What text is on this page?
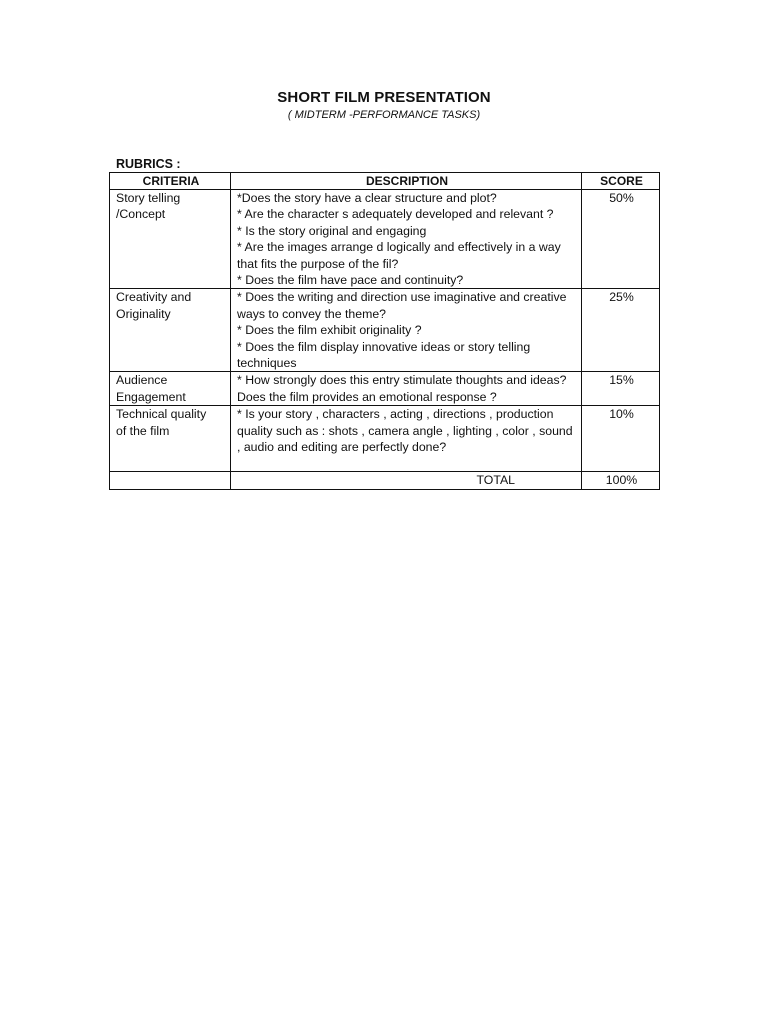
SHORT FILM PRESENTATION
( MIDTERM -PERFORMANCE TASKS)
RUBRICS :
CRITERIA	DESCRIPTION	SCORE

Story telling
/Concept	*Does the story have a clear structure and plot?
* Are the character s adequately developed and relevant ?
* Is the story original and engaging
* Are the images arrange d logically and effectively in a way that fits the purpose of the fil?
* Does the film have pace and continuity?	50%

Creativity and
Originality	* Does the writing and direction use imaginative and creative ways to convey the theme?
* Does the film exhibit originality ?
* Does the film display innovative ideas or story telling techniques	25%

Audience
Engagement	* How strongly does this entry stimulate thoughts and ideas?
Does the film provides an emotional response ?	15%

Technical quality
of the film	* Is your story , characters , acting , directions , production quality such as : shots , camera angle , lighting , color , sound , audio and editing are perfectly done?	10%
	TOTAL	100%
